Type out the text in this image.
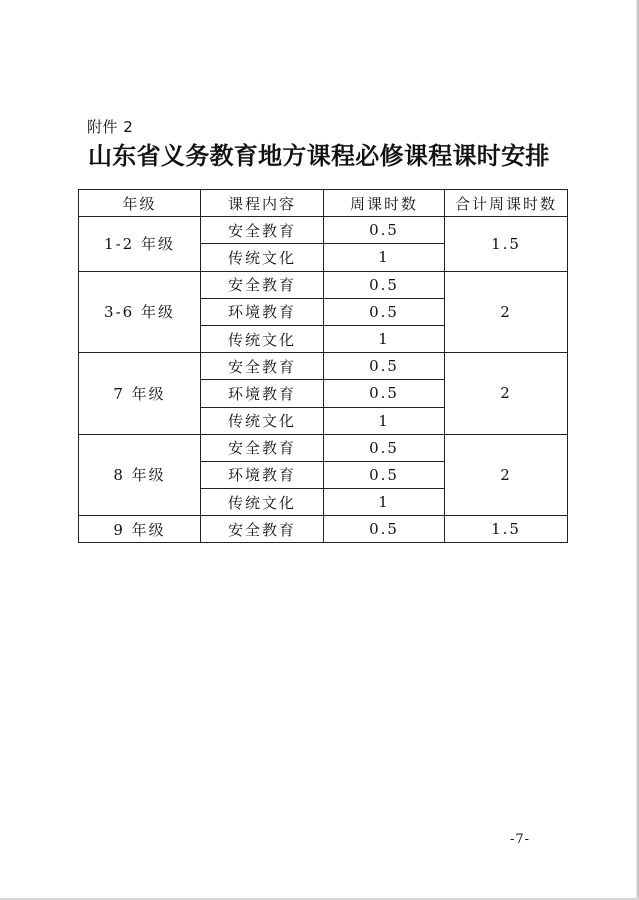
附件 2
山东省义务教育地方课程必修课程课时安排
年级	课程内容	周课时数	合计周课时数
1-2 年级	安全教育	0.5	1.5
	传统文化	1	
3-6 年级	安全教育	0.5	2
	环境教育	0.5	
	传统文化	1	
7 年级	安全教育	0.5	2
	环境教育	0.5	
	传统文化	1	
8 年级	安全教育	0.5	2
	环境教育	0.5	
	传统文化	1	
9 年级	安全教育	0.5	1.5
-7-
